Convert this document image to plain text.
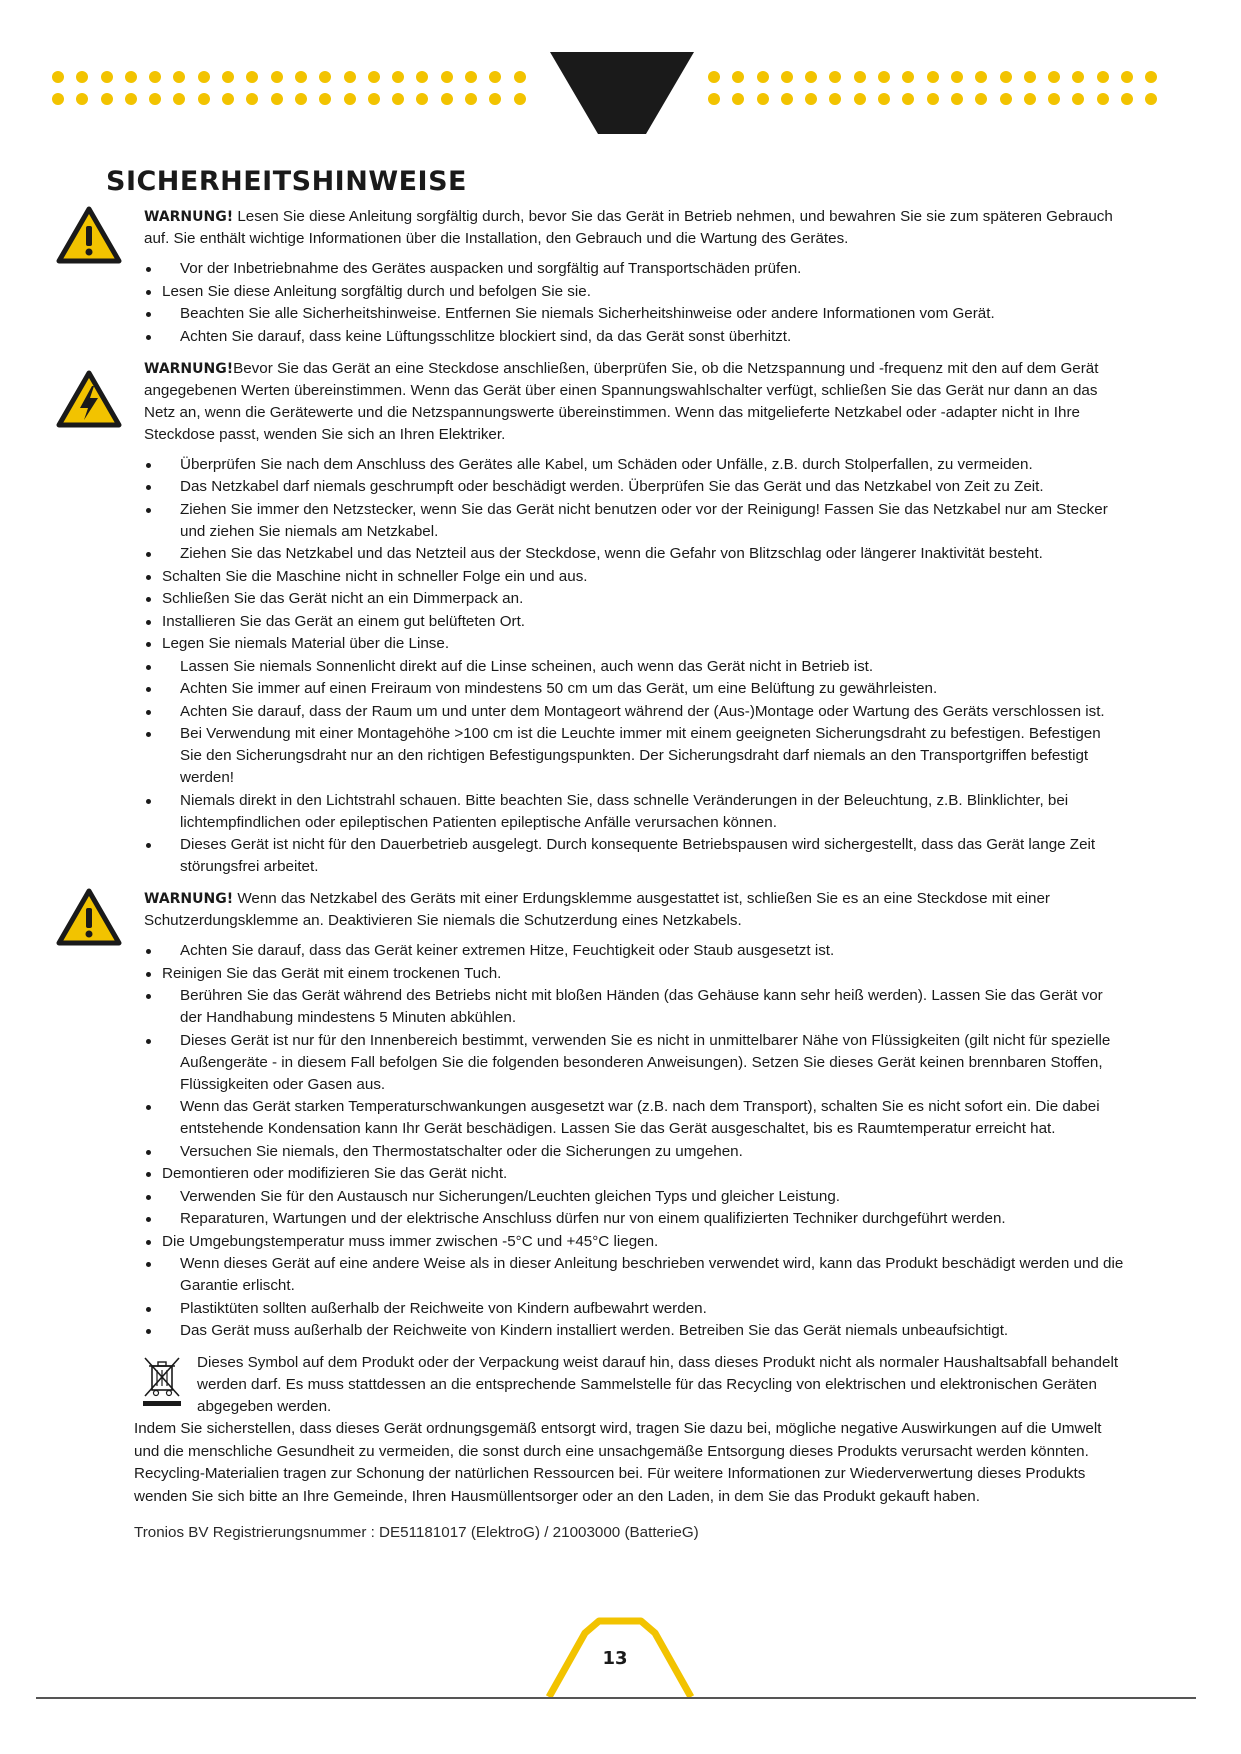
SICHERHEITSHINWEISE

WARNUNG! Lesen Sie diese Anleitung sorgfältig durch, bevor Sie das Gerät in Betrieb nehmen, und bewahren Sie sie zum späteren Gebrauch auf. Sie enthält wichtige Informationen über die Installation, den Gebrauch und die Wartung des Gerätes.

Vor der Inbetriebnahme des Gerätes auspacken und sorgfältig auf Transportschäden prüfen.
Lesen Sie diese Anleitung sorgfältig durch und befolgen Sie sie.
Beachten Sie alle Sicherheitshinweise. Entfernen Sie niemals Sicherheitshinweise oder andere Informationen vom Gerät.
Achten Sie darauf, dass keine Lüftungsschlitze blockiert sind, da das Gerät sonst überhitzt.

WARNUNG!Bevor Sie das Gerät an eine Steckdose anschließen, überprüfen Sie, ob die Netzspannung und -frequenz mit den auf dem Gerät angegebenen Werten übereinstimmen. Wenn das Gerät über einen Spannungswahlschalter verfügt, schließen Sie das Gerät nur dann an das Netz an, wenn die Gerätewerte und die Netzspannungswerte übereinstimmen. Wenn das mitgelieferte Netzkabel oder -adapter nicht in Ihre Steckdose passt, wenden Sie sich an Ihren Elektriker.

Überprüfen Sie nach dem Anschluss des Gerätes alle Kabel, um Schäden oder Unfälle, z.B. durch Stolperfallen, zu vermeiden.
Das Netzkabel darf niemals geschrumpft oder beschädigt werden. Überprüfen Sie das Gerät und das Netzkabel von Zeit zu Zeit.
Ziehen Sie immer den Netzstecker, wenn Sie das Gerät nicht benutzen oder vor der Reinigung! Fassen Sie das Netzkabel nur am Stecker und ziehen Sie niemals am Netzkabel.
Ziehen Sie das Netzkabel und das Netzteil aus der Steckdose, wenn die Gefahr von Blitzschlag oder längerer Inaktivität besteht.
Schalten Sie die Maschine nicht in schneller Folge ein und aus.
Schließen Sie das Gerät nicht an ein Dimmerpack an.
Installieren Sie das Gerät an einem gut belüfteten Ort.
Legen Sie niemals Material über die Linse.
Lassen Sie niemals Sonnenlicht direkt auf die Linse scheinen, auch wenn das Gerät nicht in Betrieb ist.
Achten Sie immer auf einen Freiraum von mindestens 50 cm um das Gerät, um eine Belüftung zu gewährleisten.
Achten Sie darauf, dass der Raum um und unter dem Montageort während der (Aus-)Montage oder Wartung des Geräts verschlossen ist.
Bei Verwendung mit einer Montagehöhe >100 cm ist die Leuchte immer mit einem geeigneten Sicherungsdraht zu befestigen. Befestigen Sie den Sicherungsdraht nur an den richtigen Befestigungspunkten. Der Sicherungsdraht darf niemals an den Transportgriffen befestigt werden!
Niemals direkt in den Lichtstrahl schauen. Bitte beachten Sie, dass schnelle Veränderungen in der Beleuchtung, z.B. Blinklichter, bei lichtempfindlichen oder epileptischen Patienten epileptische Anfälle verursachen können.
Dieses Gerät ist nicht für den Dauerbetrieb ausgelegt. Durch konsequente Betriebspausen wird sichergestellt, dass das Gerät lange Zeit störungsfrei arbeitet.

WARNUNG! Wenn das Netzkabel des Geräts mit einer Erdungsklemme ausgestattet ist, schließen Sie es an eine Steckdose mit einer Schutzerdungsklemme an. Deaktivieren Sie niemals die Schutzerdung eines Netzkabels.

Achten Sie darauf, dass das Gerät keiner extremen Hitze, Feuchtigkeit oder Staub ausgesetzt ist.
Reinigen Sie das Gerät mit einem trockenen Tuch.
Berühren Sie das Gerät während des Betriebs nicht mit bloßen Händen (das Gehäuse kann sehr heiß werden). Lassen Sie das Gerät vor der Handhabung mindestens 5 Minuten abkühlen.
Dieses Gerät ist nur für den Innenbereich bestimmt, verwenden Sie es nicht in unmittelbarer Nähe von Flüssigkeiten (gilt nicht für spezielle Außengeräte - in diesem Fall befolgen Sie die folgenden besonderen Anweisungen). Setzen Sie dieses Gerät keinen brennbaren Stoffen, Flüssigkeiten oder Gasen aus.
Wenn das Gerät starken Temperaturschwankungen ausgesetzt war (z.B. nach dem Transport), schalten Sie es nicht sofort ein. Die dabei entstehende Kondensation kann Ihr Gerät beschädigen. Lassen Sie das Gerät ausgeschaltet, bis es Raumtemperatur erreicht hat.
Versuchen Sie niemals, den Thermostatschalter oder die Sicherungen zu umgehen.
Demontieren oder modifizieren Sie das Gerät nicht.
Verwenden Sie für den Austausch nur Sicherungen/Leuchten gleichen Typs und gleicher Leistung.
Reparaturen, Wartungen und der elektrische Anschluss dürfen nur von einem qualifizierten Techniker durchgeführt werden.
Die Umgebungstemperatur muss immer zwischen -5°C und +45°C liegen.
Wenn dieses Gerät auf eine andere Weise als in dieser Anleitung beschrieben verwendet wird, kann das Produkt beschädigt werden und die Garantie erlischt.
Plastiktüten sollten außerhalb der Reichweite von Kindern aufbewahrt werden.
Das Gerät muss außerhalb der Reichweite von Kindern installiert werden. Betreiben Sie das Gerät niemals unbeaufsichtigt.

Dieses Symbol auf dem Produkt oder der Verpackung weist darauf hin, dass dieses Produkt nicht als normaler Haushaltsabfall behandelt werden darf. Es muss stattdessen an die entsprechende Sammelstelle für das Recycling von elektrischen und elektronischen Geräten abgegeben werden.

Indem Sie sicherstellen, dass dieses Gerät ordnungsgemäß entsorgt wird, tragen Sie dazu bei, mögliche negative Auswirkungen auf die Umwelt und die menschliche Gesundheit zu vermeiden, die sonst durch eine unsachgemäße Entsorgung dieses Produkts verursacht werden könnten. Recycling-Materialien tragen zur Schonung der natürlichen Ressourcen bei. Für weitere Informationen zur Wiederverwertung dieses Produkts wenden Sie sich bitte an Ihre Gemeinde, Ihren Hausmüllentsorger oder an den Laden, in dem Sie das Produkt gekauft haben.

Tronios BV Registrierungsnummer : DE51181017 (ElektroG) / 21003000 (BatterieG)

13
